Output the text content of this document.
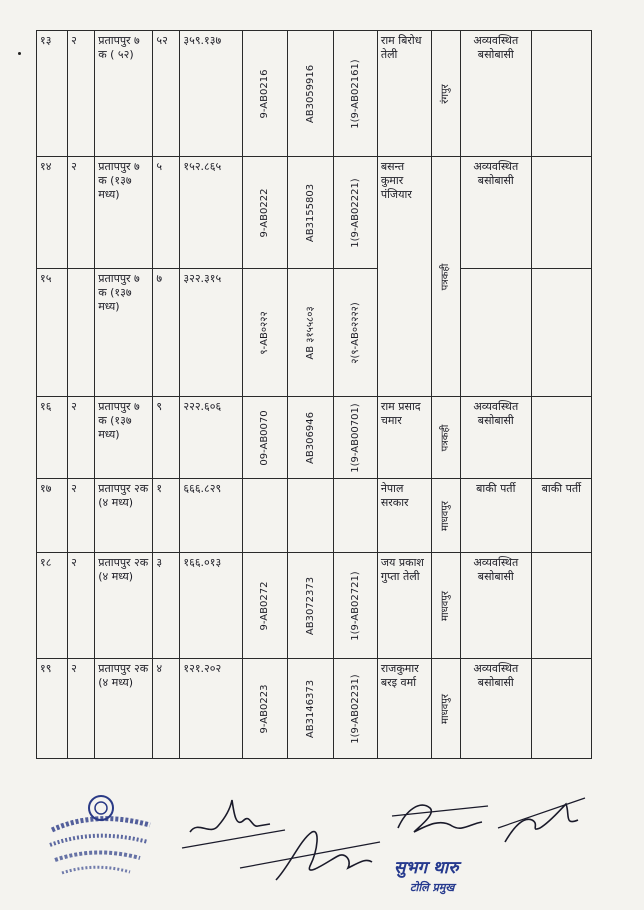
१३	२	प्रतापपुर ७ क ( ५२)	५२	३५९.१३७	9-AB0216	AB3059916	1(9-AB02161)	राम बिरोध तेली	रंगपुर	अव्यवस्थित बसोबासी	
१४	२	प्रतापपुर ७ क (१३७ मध्य)	५	१५२.८६५	9-AB0222	AB3155803	1(9-AB02221)	बसन्त कुमार पंजियार	पत्रकही	अव्यवस्थित बसोबासी	
१५		प्रतापपुर ७ क (१३७ मध्य)	७	३२२.३१५	९-AB०२२२	AB ३१५५८०३	२(९-AB०२२२२)				

१६	२	प्रतापपुर ७ क (१३७ मध्य)	९	२२२.६०६	09-AB0070	AB306946	1(9-AB00701)	राम प्रसाद चमार	पत्रकही	अव्यवस्थित बसोबासी	
१७	२	प्रतापपुर २क (४ मध्य)	१	६६६.८२९				नेपाल सरकार	माधवपुर	बाकी पर्ती	बाकी पर्ती
१८	२	प्रतापपुर २क (४ मध्य)	३	१६६.०१३	9-AB0272	AB3072373	1(9-AB02721)	जय प्रकाश गुप्ता तेली	माधवपुर	अव्यवस्थित बसोबासी	
१९	२	प्रतापपुर २क (४ मध्य)	४	१२१.२०२	9-AB0223	AB3146373	1(9-AB02231)	राजकुमार बरइ वर्मा	माधवपुर	अव्यवस्थित बसोबासी	
सुभग थारु
टोलि प्रमुख
